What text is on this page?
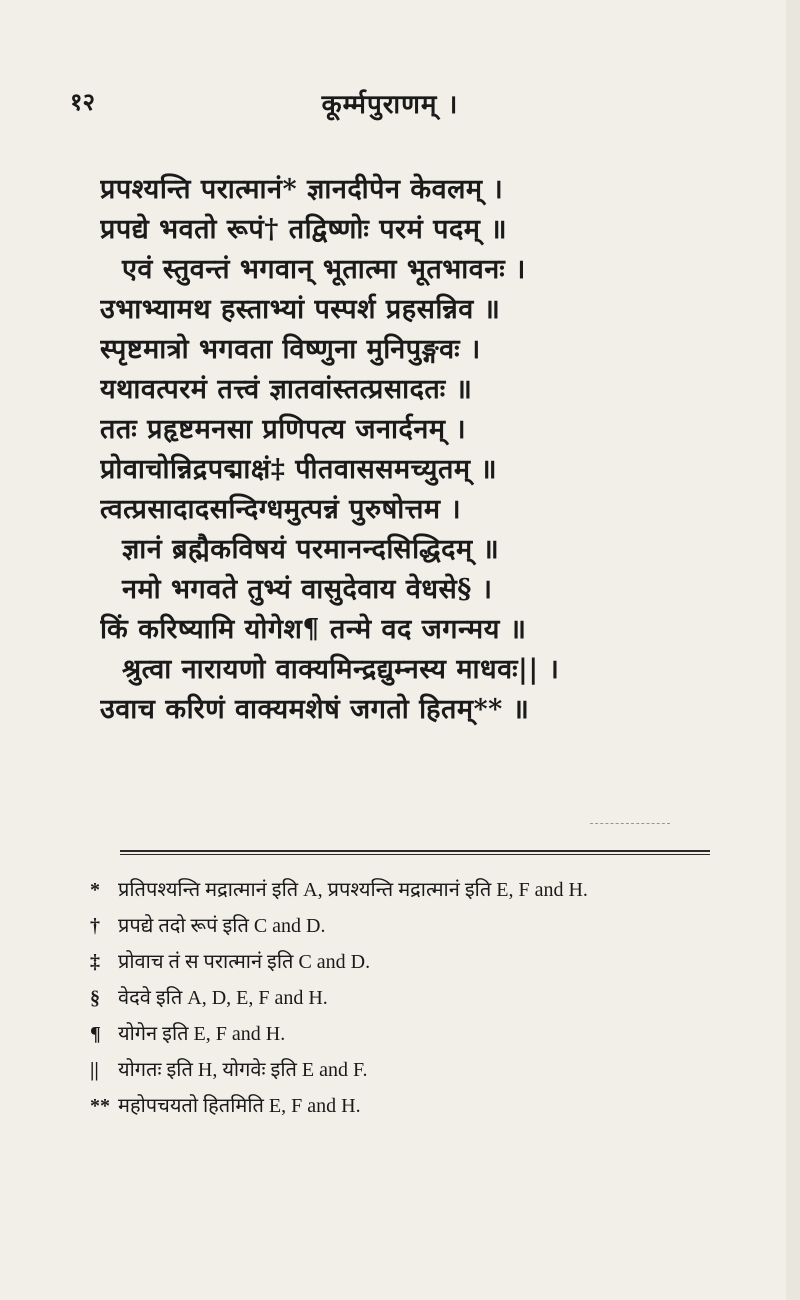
१२	कूर्म्मपुराणम् ।
प्रपश्यन्ति परात्मानं* ज्ञानदीपेन केवलम् ।
प्रपद्ये भवतो रूपं† तद्विष्णोः परमं पदम् ॥
एवं स्तुवन्तं भगवान् भूतात्मा भूतभावनः ।
उभाभ्यामथ हस्ताभ्यां पस्पर्श प्रहसन्निव ॥
स्पृष्टमात्रो भगवता विष्णुना मुनिपुङ्गवः ।
यथावत्परमं तत्त्वं ज्ञातवांस्तत्प्रसादतः ॥
ततः प्रहृष्टमनसा प्रणिपत्य जनार्दनम् ।
प्रोवाचोन्निद्रपद्माक्षं‡ पीतवाससमच्युतम् ॥
त्वत्प्रसादादसन्दिग्धमुत्पन्नं पुरुषोत्तम ।
ज्ञानं ब्रह्मैकविषयं परमानन्दसिद्धिदम् ॥
नमो भगवते तुभ्यं वासुदेवाय वेधसे§ ।
किं करिष्यामि योगेश¶ तन्मे वद जगन्मय ॥
श्रुत्वा नारायणो वाक्यमिन्द्रद्युम्नस्य माधवः|| ।
उवाच करिणं वाक्यमशेषं जगतो हितम्** ॥
* प्रतिपश्यन्ति मद्रात्मानं इति A, प्रपश्यन्ति मद्रात्मानं इति E, F and H.
† प्रपद्ये तदो रूपं इति C and D.
‡ प्रोवाच तं स परात्मानं इति C and D.
§ वेदवे इति A, D, E, F and H.
¶ योगेन इति E, F and H.
|| योगतः इति H, योगवेः इति E and F.
** महोपचयतो हितमिति E, F and H.
